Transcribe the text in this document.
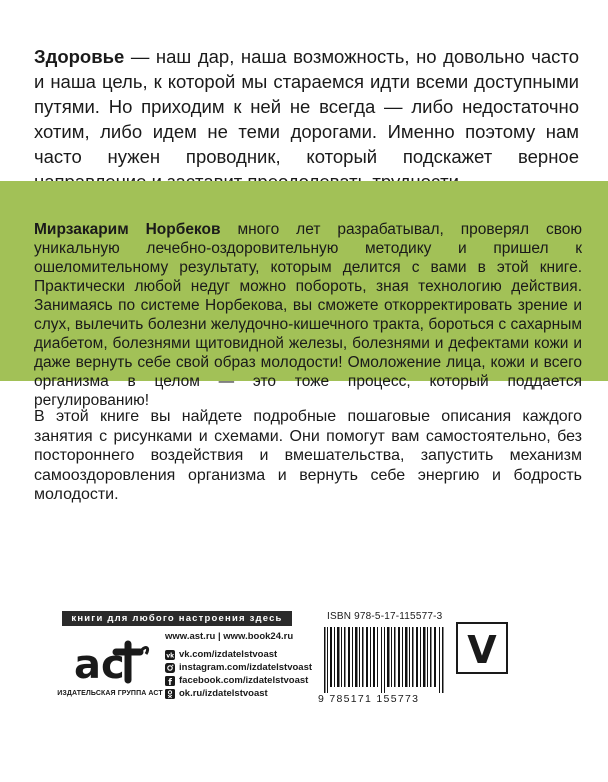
Здоровье — наш дар, наша возможность, но довольно часто и наша цель, к которой мы стараемся идти всеми доступными путями. Но приходим к ней не всегда — либо недостаточно хотим, либо идем не теми дорогами. Именно поэтому нам часто нужен проводник, который подскажет верное

Мирзакарим Норбеков много лет разрабатывал, проверял свою уникальную лечебно-оздоровительную методику и пришел к ошеломительному результату, которым делится с вами в этой книге. Практически любой недуг можно побороть, зная технологию действия. Занимаясь по системе Норбекова, вы сможете откорректировать зрение и слух, вылечить болезни желудочно-кишечного тракта, бороться с сахарным диабетом, болезнями щитовидной железы, болезнями и дефектами кожи и даже вернуть себе свой образ молодости! Омоложение лица, кожи и всего организма в целом — это тоже процесс, который поддается регулированию!

В этой книге вы найдете подробные пошаговые описания каждого занятия с рисунками и схемами. Они помогут вам самостоятельно, без постороннего воздействия и вмешательства, запустить механизм самооздоровления организма и вернуть себе энергию и бодрость молодости.

книги для любого настроения здесь
ac
ИЗДАТЕЛЬСКАЯ ГРУППА АСТ
www.ast.ru | www.book24.ru
vk vk.com/izdatelstvoast
instagram.com/izdatelstvoast
f facebook.com/izdatelstvoast
ok.ru/izdatelstvoast
ISBN 978-5-17-115577-3
9 785171 155773
V
